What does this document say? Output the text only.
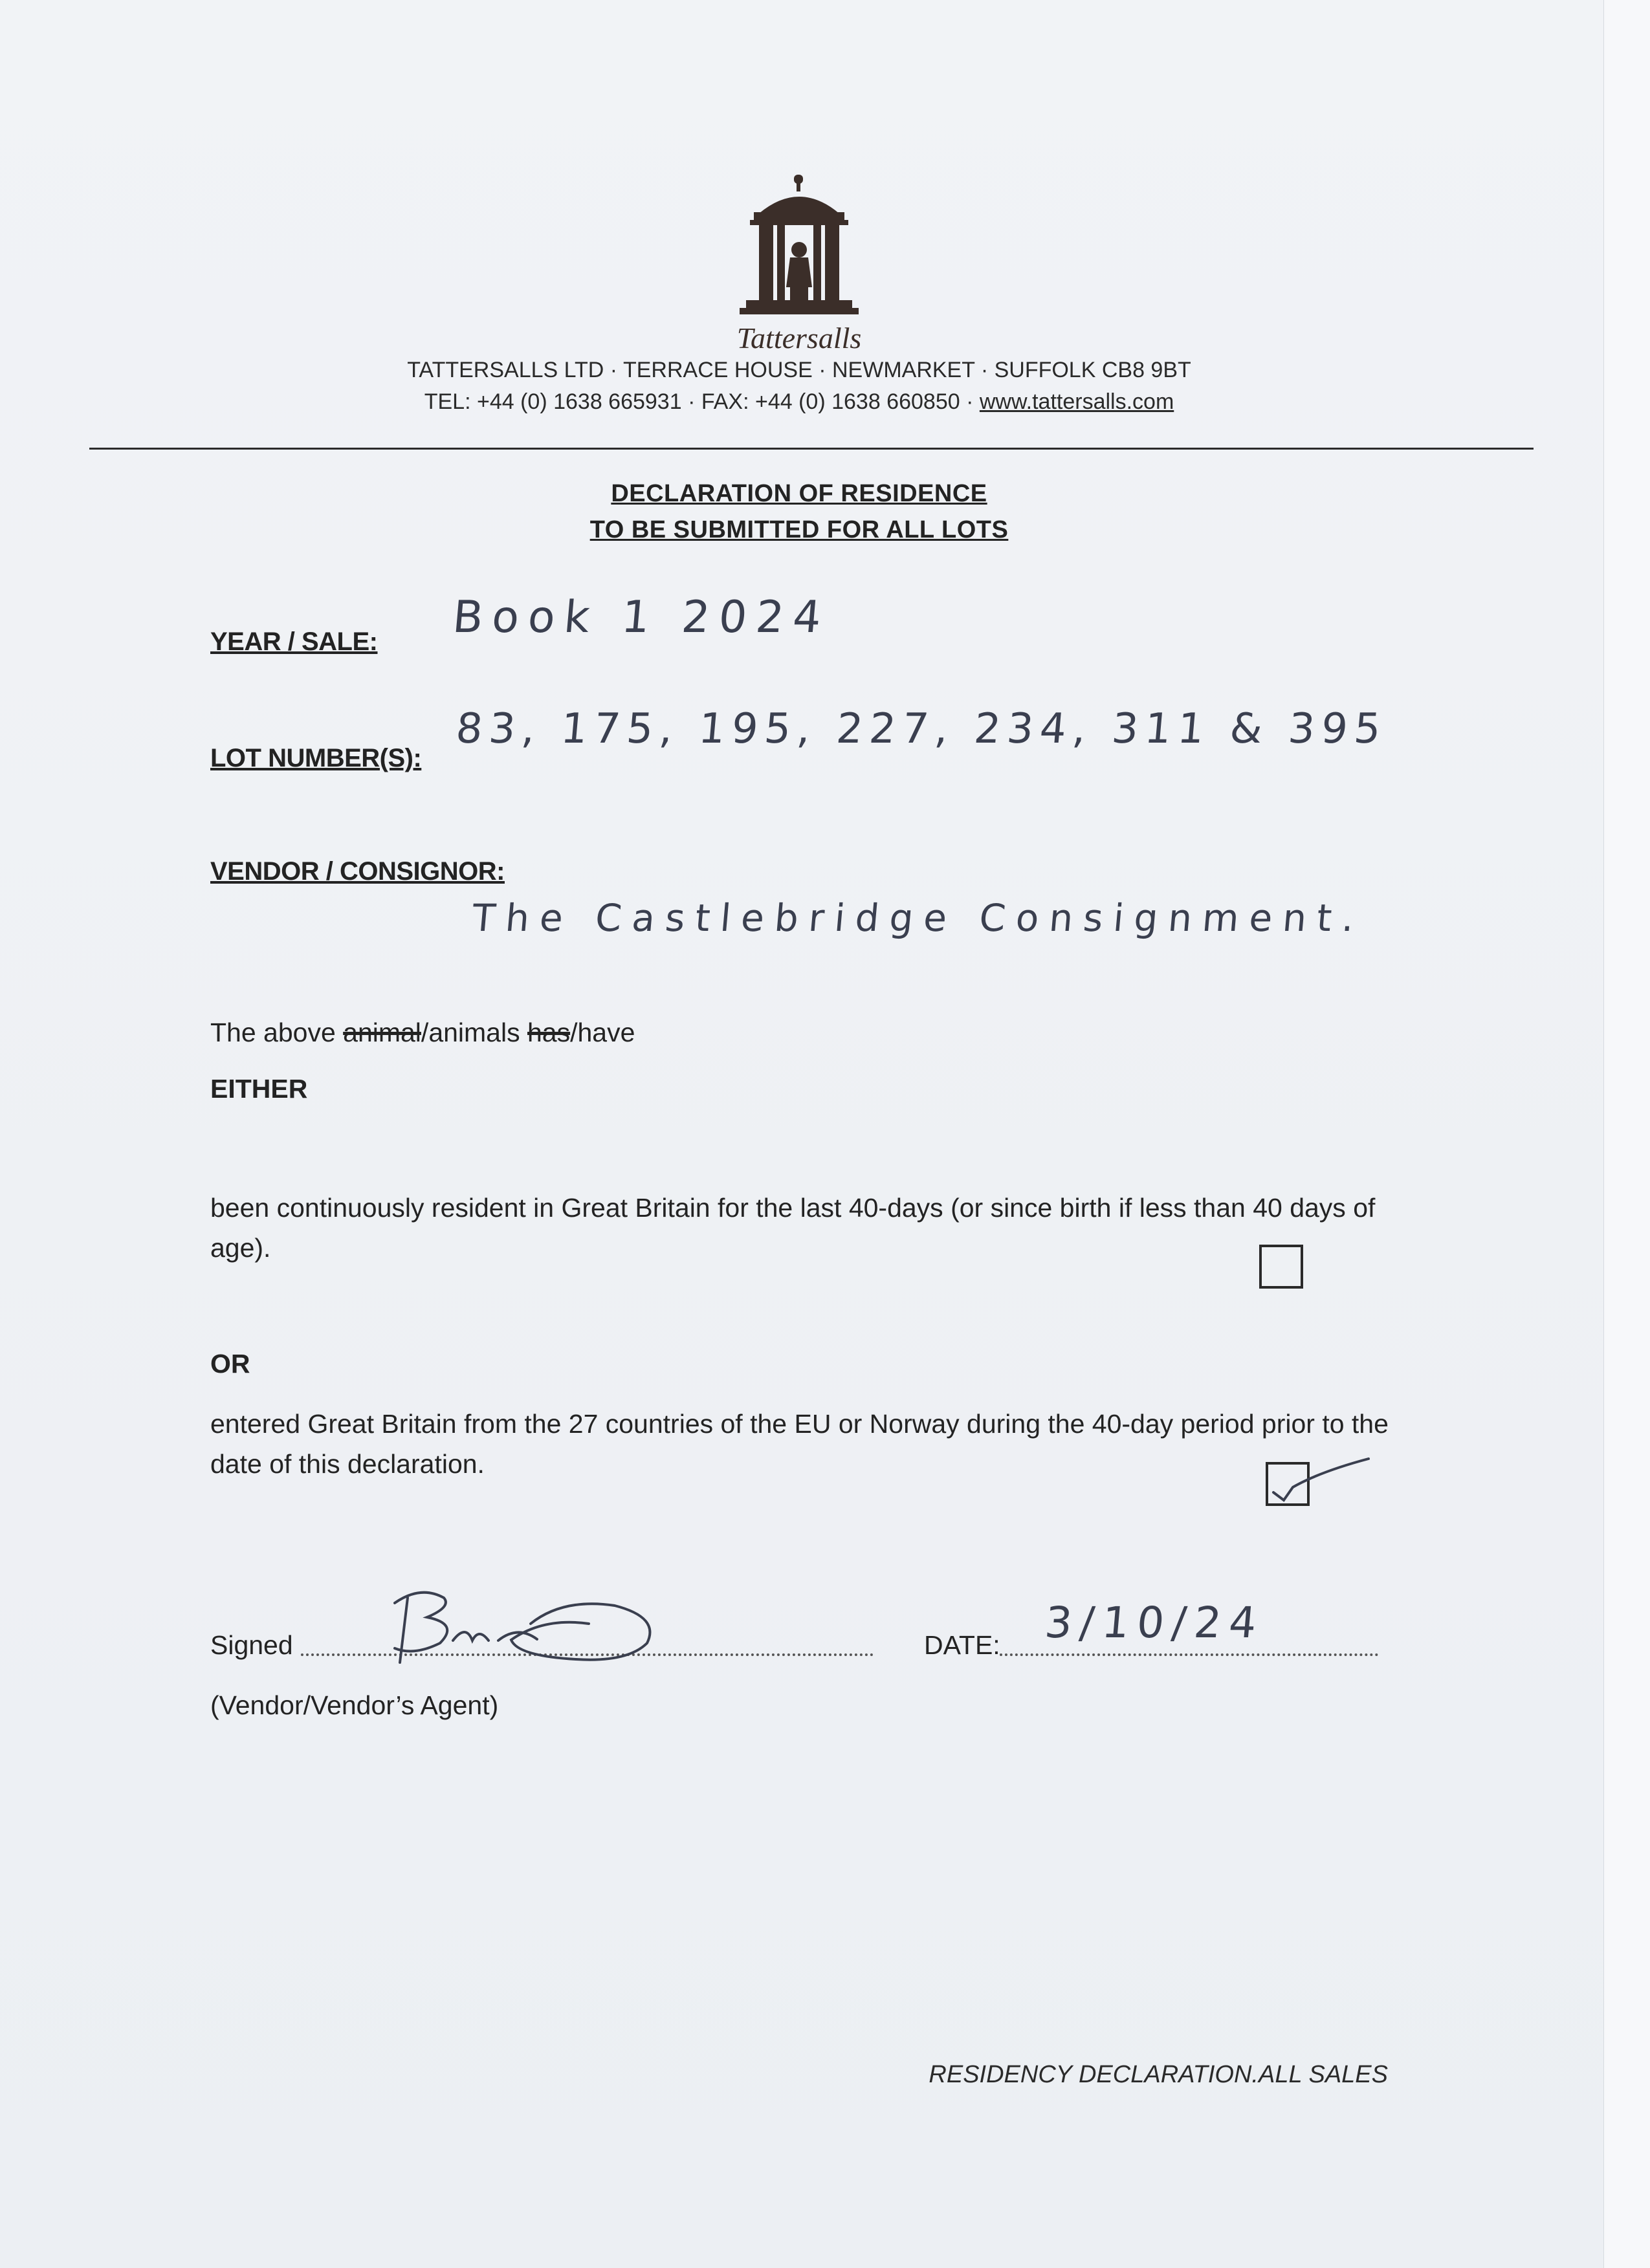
Tattersalls
TATTERSALLS LTD · TERRACE HOUSE · NEWMARKET · SUFFOLK CB8 9BT
TEL: +44 (0) 1638 665931 · FAX: +44 (0) 1638 660850 · www.tattersalls.com
DECLARATION OF RESIDENCE
TO BE SUBMITTED FOR ALL LOTS
YEAR / SALE: Book 1 2024
LOT NUMBER(S):
83, 175, 195, 227, 234, 311 & 395
VENDOR / CONSIGNOR:
The Castlebridge Consignment.
The above animal/animals has/have
EITHER
been continuously resident in Great Britain for the last 40-days (or since birth if less than 40 days of age).
OR
entered Great Britain from the 27 countries of the EU or Norway during the 40-day period prior to the date of this declaration.
Signed
(Vendor/Vendor’s Agent)
DATE: 3/10/24
RESIDENCY DECLARATION.ALL SALES
